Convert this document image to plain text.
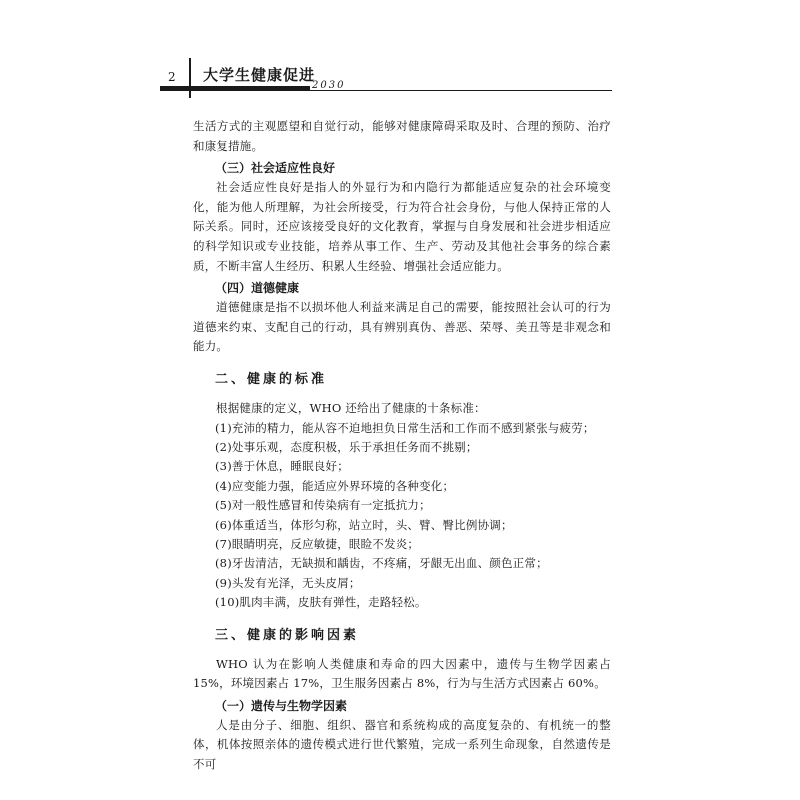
2 大学生健康促进
2030

生活方式的主观愿望和自觉行动，能够对健康障碍采取及时、合理的预防、治疗和康复措施。

（三）社会适应性良好

社会适应性良好是指人的外显行为和内隐行为都能适应复杂的社会环境变化，能为他人所理解，为社会所接受，行为符合社会身份，与他人保持正常的人际关系。同时，还应该接受良好的文化教育，掌握与自身发展和社会进步相适应的科学知识或专业技能，培养从事工作、生产、劳动及其他社会事务的综合素质，不断丰富人生经历、积累人生经验、增强社会适应能力。

（四）道德健康

道德健康是指不以损坏他人利益来满足自己的需要，能按照社会认可的行为道德来约束、支配自己的行动，具有辨别真伪、善恶、荣辱、美丑等是非观念和能力。

二、健康的标准

根据健康的定义，WHO 还给出了健康的十条标准：

(1)充沛的精力，能从容不迫地担负日常生活和工作而不感到紧张与疲劳；
(2)处事乐观，态度积极，乐于承担任务而不挑剔；
(3)善于休息，睡眠良好；
(4)应变能力强，能适应外界环境的各种变化；
(5)对一般性感冒和传染病有一定抵抗力；
(6)体重适当，体形匀称，站立时，头、臂、臀比例协调；
(7)眼睛明亮，反应敏捷，眼睑不发炎；
(8)牙齿清洁，无缺损和龋齿，不疼痛，牙龈无出血、颜色正常；
(9)头发有光泽，无头皮屑；
(10)肌肉丰满，皮肤有弹性，走路轻松。
三、健康的影响因素

WHO 认为在影响人类健康和寿命的四大因素中，遗传与生物学因素占 15%，环境因素占 17%，卫生服务因素占 8%，行为与生活方式因素占 60%。

（一）遗传与生物学因素

人是由分子、细胞、组织、器官和系统构成的高度复杂的、有机统一的整体，机体按照亲体的遗传模式进行世代繁殖，完成一系列生命现象，自然遗传是不可
